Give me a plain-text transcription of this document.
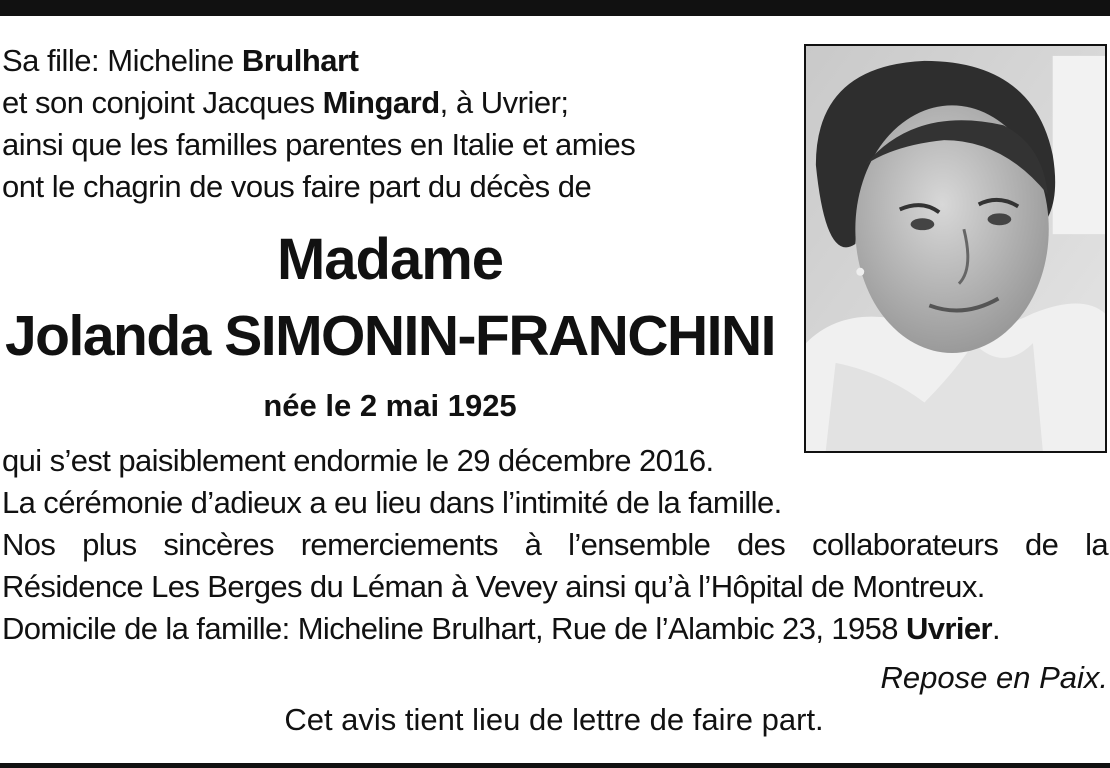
Sa fille: Micheline Brulhart
et son conjoint Jacques Mingard, à Uvrier;
ainsi que les familles parentes en Italie et amies
ont le chagrin de vous faire part du décès de
Madame
Jolanda SIMONIN-FRANCHINI
née le 2 mai 1925
qui s’est paisiblement endormie le 29 décembre 2016.
La cérémonie d’adieux a eu lieu dans l’intimité de la famille.
Nos plus sincères remerciements à l’ensemble des collaborateurs de la
Résidence Les Berges du Léman à Vevey ainsi qu’à l’Hôpital de Montreux.
Domicile de la famille: Micheline Brulhart, Rue de l’Alambic 23, 1958 Uvrier.
Repose en Paix.
Cet avis tient lieu de lettre de faire part.
